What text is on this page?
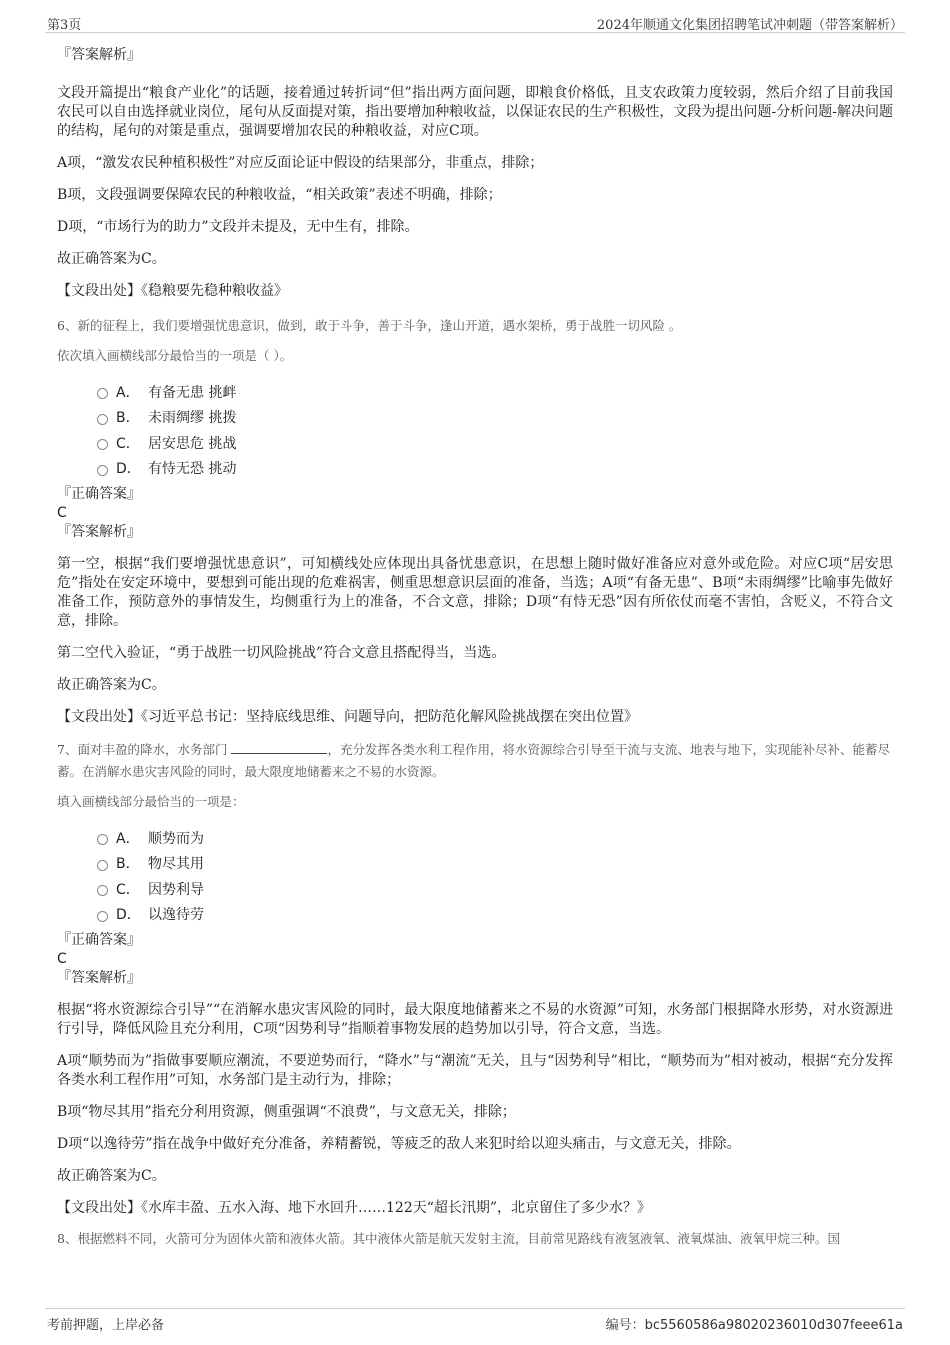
第3页	2024年顺通文化集团招聘笔试冲刺题（带答案解析）

『答案解析』

文段开篇提出“粮食产业化”的话题，接着通过转折词“但”指出两方面问题，即粮食价格低，且支农政策力度较弱，然后介绍了目前我国农民可以自由选择就业岗位，尾句从反面提对策，指出要增加种粮收益，以保证农民的生产积极性，文段为提出问题-分析问题-解决问题的结构，尾句的对策是重点，强调要增加农民的种粮收益，对应C项。

A项，“激发农民种植积极性”对应反面论证中假设的结果部分，非重点，排除；

B项，文段强调要保障农民的种粮收益，“相关政策”表述不明确，排除；

D项，“市场行为的助力”文段并未提及，无中生有，排除。

故正确答案为C。

【文段出处】《稳粮要先稳种粮收益》

6、新的征程上，我们要增强忧患意识，做到，敢于斗争，善于斗争，逢山开道，遇水架桥，勇于战胜一切风险 。

依次填入画横线部分最恰当的一项是（ ）。

A． 有备无患 挑衅
B． 未雨绸缪 挑拨
C． 居安思危 挑战
D． 有恃无恐 挑动

『正确答案』

C

『答案解析』

第一空，根据“我们要增强忧患意识”，可知横线处应体现出具备忧患意识，在思想上随时做好准备应对意外或危险。对应C项“居安思危”指处在安定环境中，要想到可能出现的危难祸害，侧重思想意识层面的准备，当选；A项“有备无患”、B项“未雨绸缪”比喻事先做好准备工作，预防意外的事情发生，均侧重行为上的准备，不合文意，排除；D项“有恃无恐”因有所依仗而毫不害怕，含贬义，不符合文意，排除。

第二空代入验证，“勇于战胜一切风险挑战”符合文意且搭配得当，当选。

故正确答案为C。

【文段出处】《习近平总书记：坚持底线思维、问题导向，把防范化解风险挑战摆在突出位置》

7、面对丰盈的降水，水务部门	，充分发挥各类水利工程作用，将水资源综合引导至干流与支流、地表与地下，实现能补尽补、能蓄尽蓄。在消解水患灾害风险的同时，最大限度地储蓄来之不易的水资源。

填入画横线部分最恰当的一项是：

A． 顺势而为
B． 物尽其用
C． 因势利导
D． 以逸待劳

『正确答案』

C

『答案解析』

根据“将水资源综合引导”“在消解水患灾害风险的同时，最大限度地储蓄来之不易的水资源”可知，水务部门根据降水形势，对水资源进行引导，降低风险且充分利用，C项“因势利导”指顺着事物发展的趋势加以引导，符合文意，当选。

A项“顺势而为”指做事要顺应潮流，不要逆势而行，“降水”与“潮流”无关，且与“因势利导”相比，“顺势而为”相对被动，根据“充分发挥各类水利工程作用”可知，水务部门是主动行为，排除；

B项“物尽其用”指充分利用资源，侧重强调“不浪费”，与文意无关，排除；

D项“以逸待劳”指在战争中做好充分准备，养精蓄锐，等疲乏的敌人来犯时给以迎头痛击，与文意无关，排除。

故正确答案为C。

【文段出处】《水库丰盈、五水入海、地下水回升……122天“超长汛期”，北京留住了多少水？》

8、根据燃料不同，火箭可分为固体火箭和液体火箭。其中液体火箭是航天发射主流，目前常见路线有液氢液氧、液氧煤油、液氧甲烷三种。国

考前押题，上岸必备	编号：bc5560586a98020236010d307feee61a
